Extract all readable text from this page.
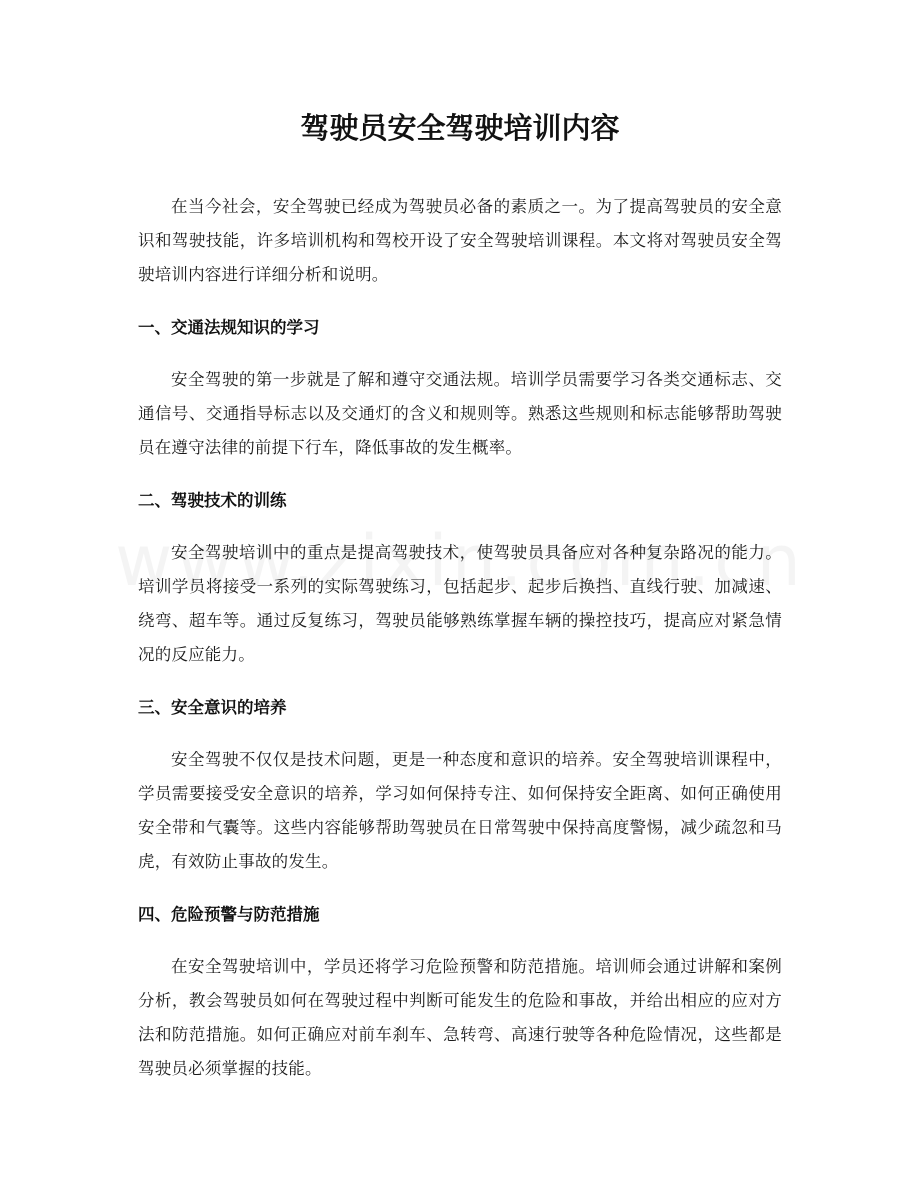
驾驶员安全驾驶培训内容

在当今社会，安全驾驶已经成为驾驶员必备的素质之一。为了提高驾驶员的安全意识和驾驶技能，许多培训机构和驾校开设了安全驾驶培训课程。本文将对驾驶员安全驾驶培训内容进行详细分析和说明。

一、交通法规知识的学习

安全驾驶的第一步就是了解和遵守交通法规。培训学员需要学习各类交通标志、交通信号、交通指导标志以及交通灯的含义和规则等。熟悉这些规则和标志能够帮助驾驶员在遵守法律的前提下行车，降低事故的发生概率。

二、驾驶技术的训练

安全驾驶培训中的重点是提高驾驶技术，使驾驶员具备应对各种复杂路况的能力。培训学员将接受一系列的实际驾驶练习，包括起步、起步后换挡、直线行驶、加减速、绕弯、超车等。通过反复练习，驾驶员能够熟练掌握车辆的操控技巧，提高应对紧急情况的反应能力。

三、安全意识的培养

安全驾驶不仅仅是技术问题，更是一种态度和意识的培养。安全驾驶培训课程中，学员需要接受安全意识的培养，学习如何保持专注、如何保持安全距离、如何正确使用安全带和气囊等。这些内容能够帮助驾驶员在日常驾驶中保持高度警惕，减少疏忽和马虎，有效防止事故的发生。

四、危险预警与防范措施

在安全驾驶培训中，学员还将学习危险预警和防范措施。培训师会通过讲解和案例分析，教会驾驶员如何在驾驶过程中判断可能发生的危险和事故，并给出相应的应对方法和防范措施。如何正确应对前车刹车、急转弯、高速行驶等各种危险情况，这些都是驾驶员必须掌握的技能。
